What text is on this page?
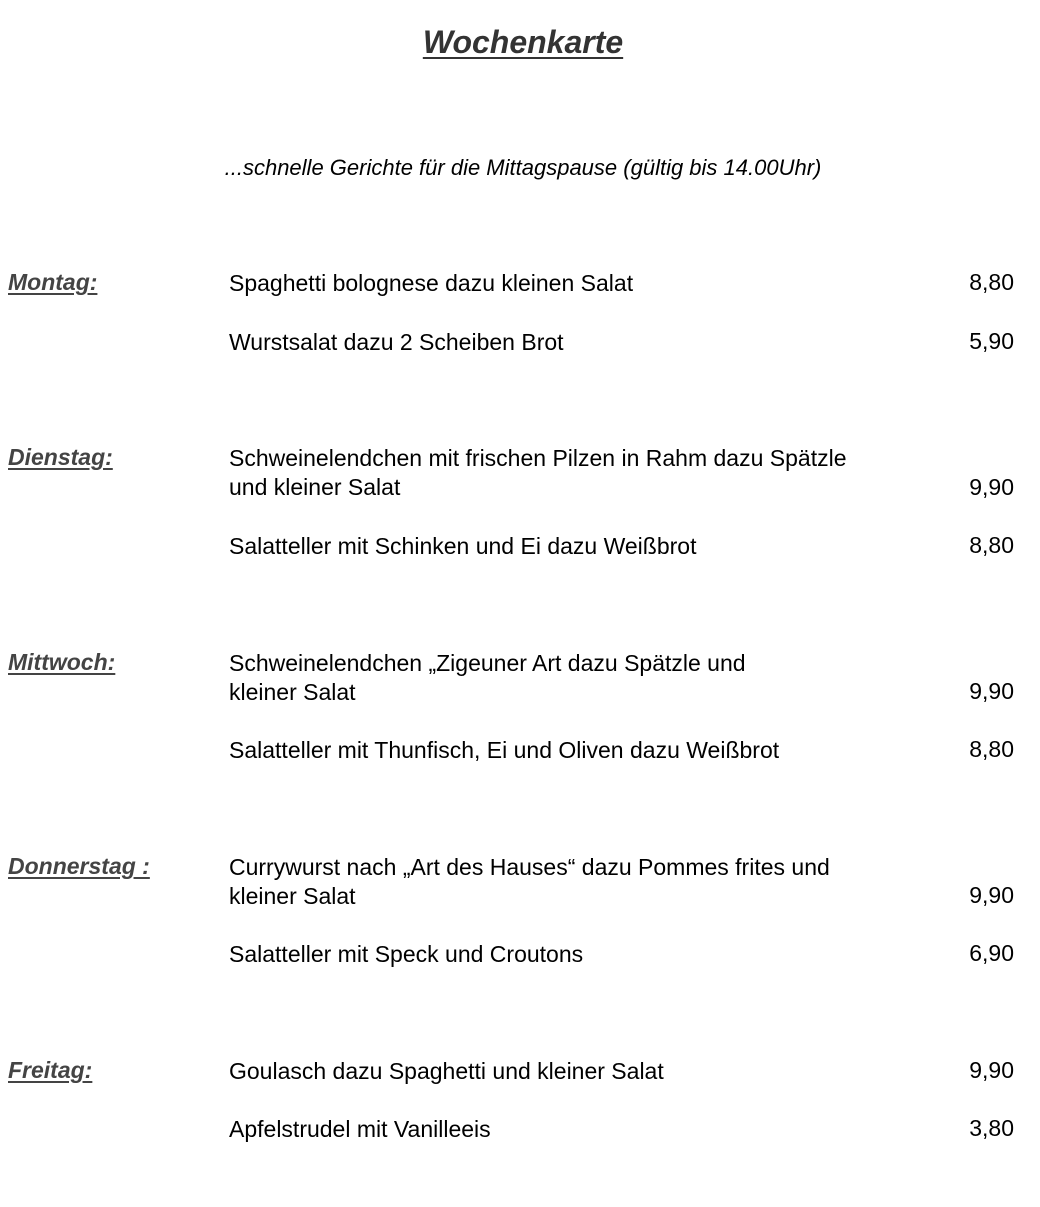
Wochenkarte

...schnelle Gerichte für die Mittagspause (gültig bis 14.00Uhr)

Montag:	Spaghetti bolognese dazu kleinen Salat	8,80
Wurstsalat dazu 2 Scheiben Brot	5,90
Dienstag:	Schweinelendchen mit frischen Pilzen in Rahm dazu Spätzle
und kleiner Salat	9,90
Salatteller mit Schinken und Ei dazu Weißbrot	8,80
Mittwoch:	Schweinelendchen „Zigeuner Art dazu Spätzle und
kleiner Salat	9,90
Salatteller mit Thunfisch, Ei und Oliven dazu Weißbrot	8,80
Donnerstag :	Currywurst nach „Art des Hauses“ dazu Pommes frites und
kleiner Salat	9,90
Salatteller mit Speck und Croutons	6,90
Freitag:	Goulasch dazu Spaghetti und kleiner Salat	9,90
Apfelstrudel mit Vanilleeis	3,80
